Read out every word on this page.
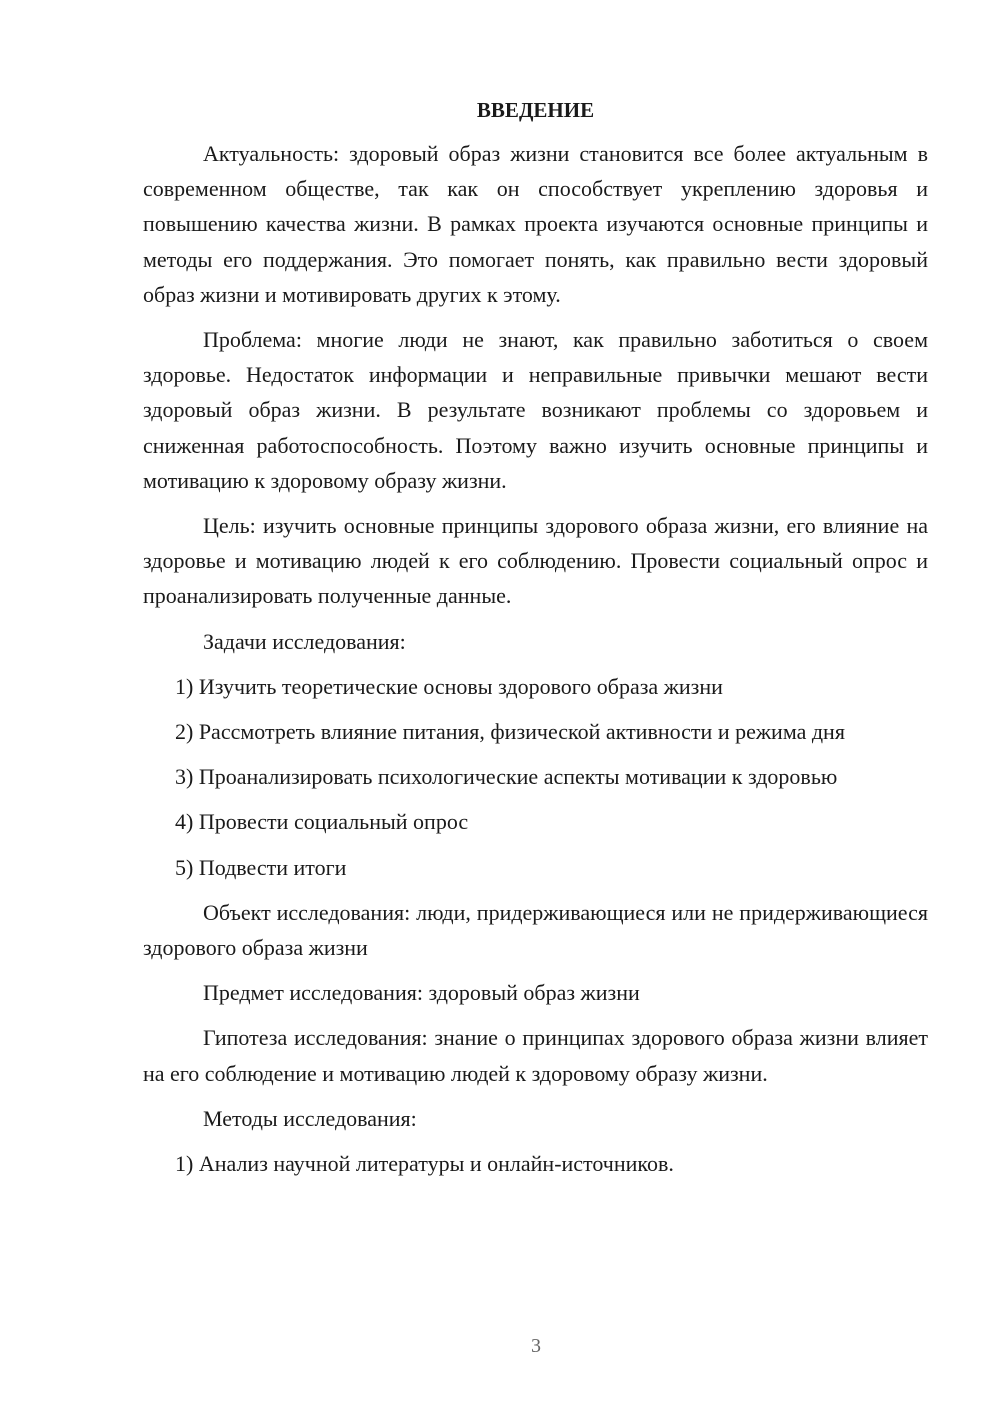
ВВЕДЕНИЕ

Актуальность: здоровый образ жизни становится все более актуальным в современном обществе, так как он способствует укреплению здоровья и повышению качества жизни. В рамках проекта изучаются основные принципы и методы его поддержания. Это помогает понять, как правильно вести здоровый образ жизни и мотивировать других к этому.

Проблема: многие люди не знают, как правильно заботиться о своем здоровье. Недостаток информации и неправильные привычки мешают вести здоровый образ жизни. В результате возникают проблемы со здоровьем и сниженная работоспособность. Поэтому важно изучить основные принципы и мотивацию к здоровому образу жизни.

Цель: изучить основные принципы здорового образа жизни, его влияние на здоровье и мотивацию людей к его соблюдению. Провести социальный опрос и проанализировать полученные данные.

Задачи исследования:

1) Изучить теоретические основы здорового образа жизни

2) Рассмотреть влияние питания, физической активности и режима дня

3) Проанализировать психологические аспекты мотивации к здоровью

4) Провести социальный опрос

5) Подвести итоги

Объект исследования: люди, придерживающиеся или не придерживающиеся здорового образа жизни

Предмет исследования: здоровый образ жизни

Гипотеза исследования: знание о принципах здорового образа жизни влияет на его соблюдение и мотивацию людей к здоровому образу жизни.

Методы исследования:

1) Анализ научной литературы и онлайн-источников.

3
